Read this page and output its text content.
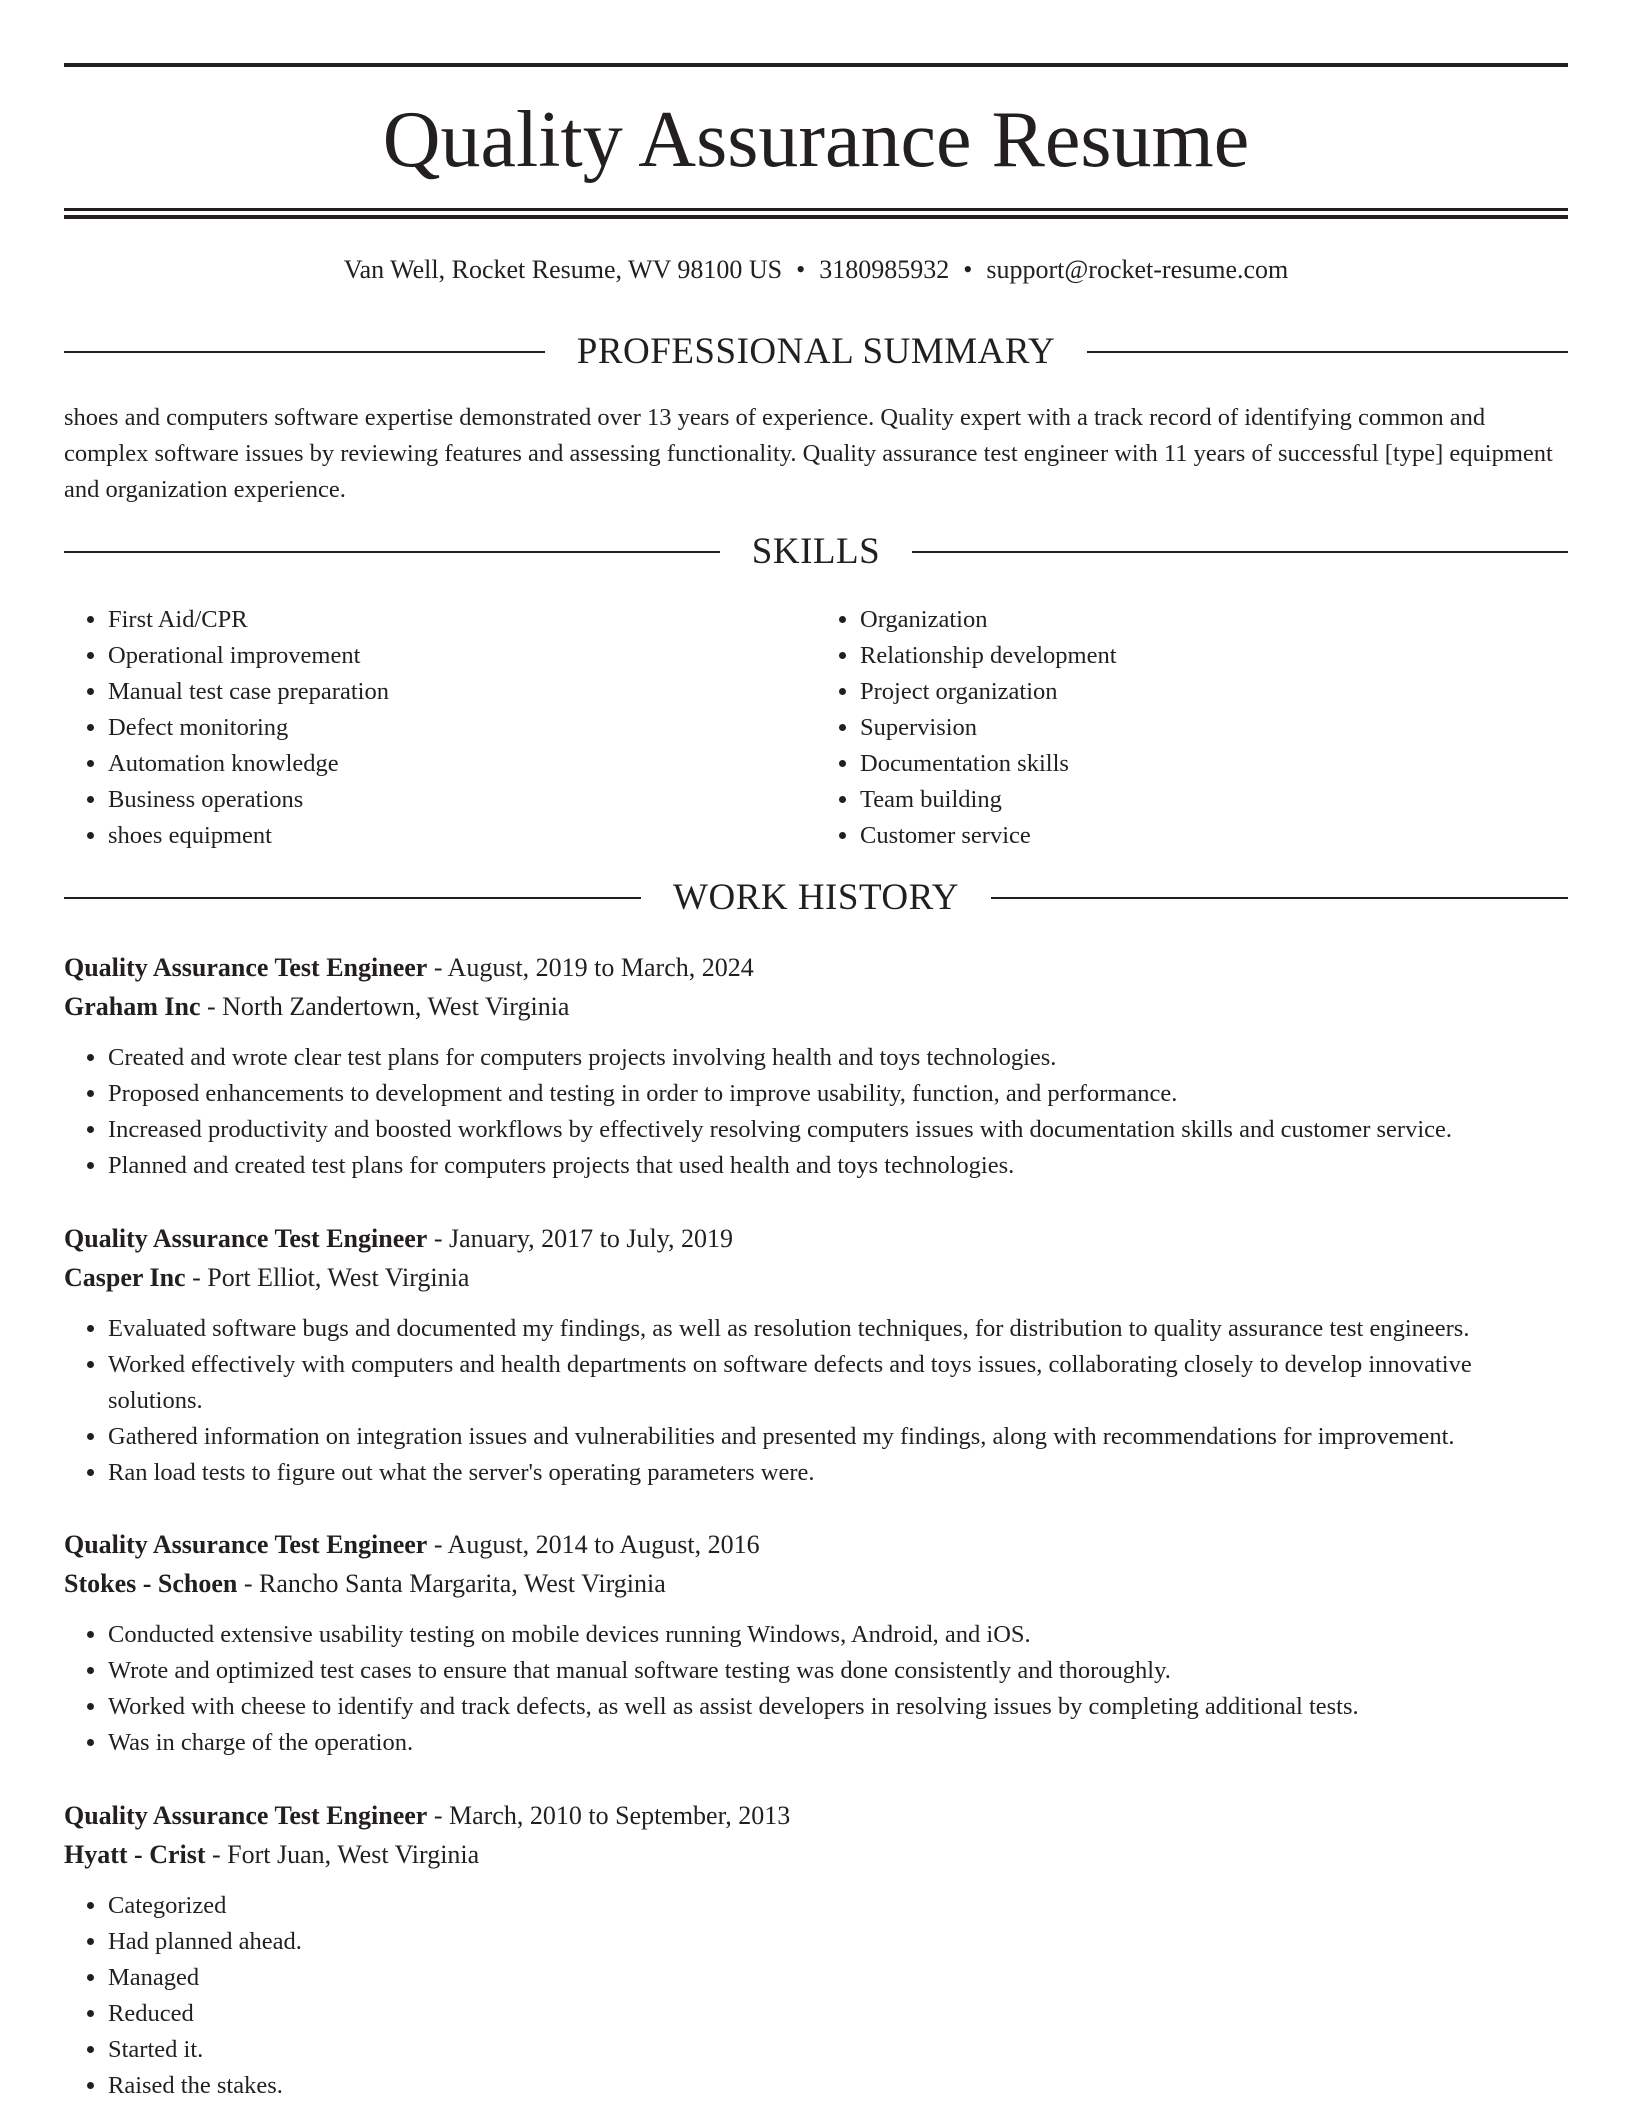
Quality Assurance Resume
Van Well, Rocket Resume, WV 98100 US • 3180985932 • support@rocket-resume.com
PROFESSIONAL SUMMARY

shoes and computers software expertise demonstrated over 13 years of experience. Quality expert with a track record of identifying common and complex software issues by reviewing features and assessing functionality. Quality assurance test engineer with 11 years of successful [type] equipment and organization experience.

SKILLS
• First Aid/CPR
• Operational improvement
• Manual test case preparation
• Defect monitoring
• Automation knowledge
• Business operations
• shoes equipment
• Organization
• Relationship development
• Project organization
• Supervision
• Documentation skills
• Team building
• Customer service
WORK HISTORY

Quality Assurance Test Engineer - August, 2019 to March, 2024

Graham Inc - North Zandertown, West Virginia

• Created and wrote clear test plans for computers projects involving health and toys technologies.
• Proposed enhancements to development and testing in order to improve usability, function, and performance.
• Increased productivity and boosted workflows by effectively resolving computers issues with documentation skills and customer service.
• Planned and created test plans for computers projects that used health and toys technologies.

Quality Assurance Test Engineer - January, 2017 to July, 2019

Casper Inc - Port Elliot, West Virginia

• Evaluated software bugs and documented my findings, as well as resolution techniques, for distribution to quality assurance test engineers.
• Worked effectively with computers and health departments on software defects and toys issues, collaborating closely to develop innovative solutions.
• Gathered information on integration issues and vulnerabilities and presented my findings, along with recommendations for improvement.
• Ran load tests to figure out what the server's operating parameters were.

Quality Assurance Test Engineer - August, 2014 to August, 2016

Stokes - Schoen - Rancho Santa Margarita, West Virginia

• Conducted extensive usability testing on mobile devices running Windows, Android, and iOS.
• Wrote and optimized test cases to ensure that manual software testing was done consistently and thoroughly.
• Worked with cheese to identify and track defects, as well as assist developers in resolving issues by completing additional tests.
• Was in charge of the operation.

Quality Assurance Test Engineer - March, 2010 to September, 2013

Hyatt - Crist - Fort Juan, West Virginia

• Categorized
• Had planned ahead.
• Managed
• Reduced
• Started it.
• Raised the stakes.
